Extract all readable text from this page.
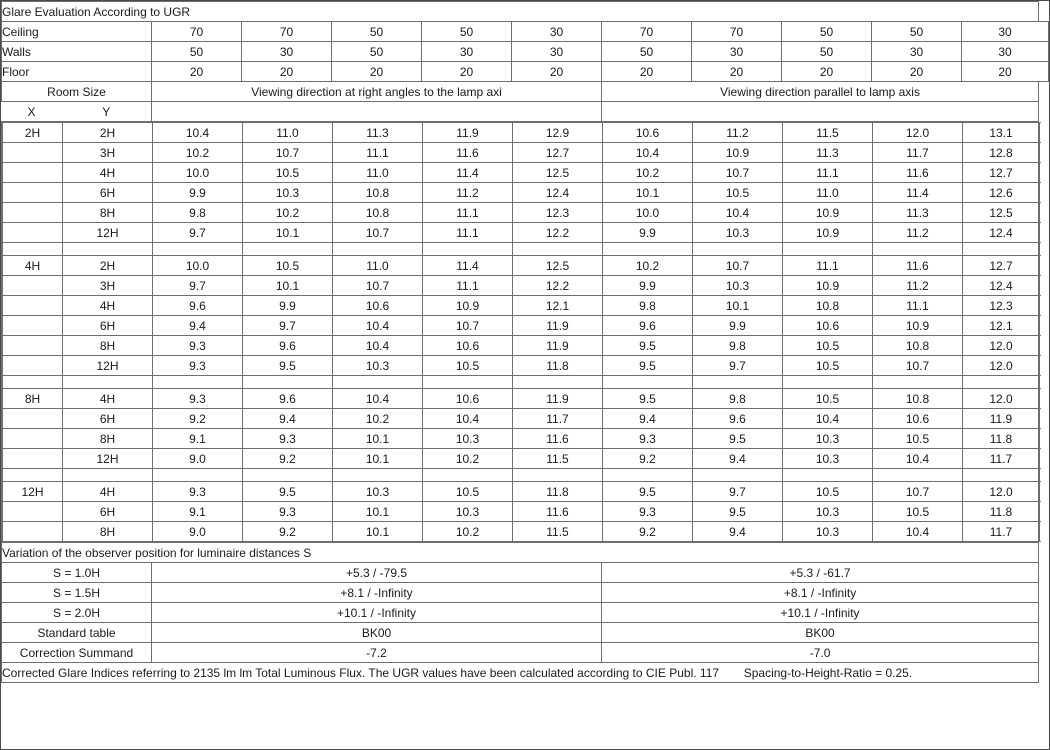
Glare Evaluation According to UGR
Ceiling	70	70	50	50	30	70	70	50	50	30
Walls	50	30	50	30	30	50	30	50	30	30
Floor	20	20	20	20	20	20	20	20	20	20
Room Size	Viewing direction at right angles to the lamp axi	Viewing direction parallel to lamp axis
X	Y		

2H	2H	10.4	11.0	11.3	11.9	12.9	10.6	11.2	11.5	12.0	13.1
	3H	10.2	10.7	11.1	11.6	12.7	10.4	10.9	11.3	11.7	12.8
	4H	10.0	10.5	11.0	11.4	12.5	10.2	10.7	11.1	11.6	12.7
	6H	9.9	10.3	10.8	11.2	12.4	10.1	10.5	11.0	11.4	12.6
	8H	9.8	10.2	10.8	11.1	12.3	10.0	10.4	10.9	11.3	12.5
	12H	9.7	10.1	10.7	11.1	12.2	9.9	10.3	10.9	11.2	12.4

4H	2H	10.0	10.5	11.0	11.4	12.5	10.2	10.7	11.1	11.6	12.7
	3H	9.7	10.1	10.7	11.1	12.2	9.9	10.3	10.9	11.2	12.4
	4H	9.6	9.9	10.6	10.9	12.1	9.8	10.1	10.8	11.1	12.3
	6H	9.4	9.7	10.4	10.7	11.9	9.6	9.9	10.6	10.9	12.1
	8H	9.3	9.6	10.4	10.6	11.9	9.5	9.8	10.5	10.8	12.0
	12H	9.3	9.5	10.3	10.5	11.8	9.5	9.7	10.5	10.7	12.0

8H	4H	9.3	9.6	10.4	10.6	11.9	9.5	9.8	10.5	10.8	12.0
	6H	9.2	9.4	10.2	10.4	11.7	9.4	9.6	10.4	10.6	11.9
	8H	9.1	9.3	10.1	10.3	11.6	9.3	9.5	10.3	10.5	11.8
	12H	9.0	9.2	10.1	10.2	11.5	9.2	9.4	10.3	10.4	11.7

12H	4H	9.3	9.5	10.3	10.5	11.8	9.5	9.7	10.5	10.7	12.0
	6H	9.1	9.3	10.1	10.3	11.6	9.3	9.5	10.3	10.5	11.8
	8H	9.0	9.2	10.1	10.2	11.5	9.2	9.4	10.3	10.4	11.7

Variation of the observer position for luminaire distances S
S = 1.0H	+5.3 / -79.5	+5.3 / -61.7
S = 1.5H	+8.1 / -Infinity	+8.1 / -Infinity
S = 2.0H	+10.1 / -Infinity	+10.1 / -Infinity
Standard table	BK00	BK00
Correction Summand	-7.2	-7.0
Corrected Glare Indices referring to 2135 lm lm Total Luminous Flux. The UGR values have been calculated according to CIE Publ. 117 Spacing-to-Height-Ratio = 0.25.
